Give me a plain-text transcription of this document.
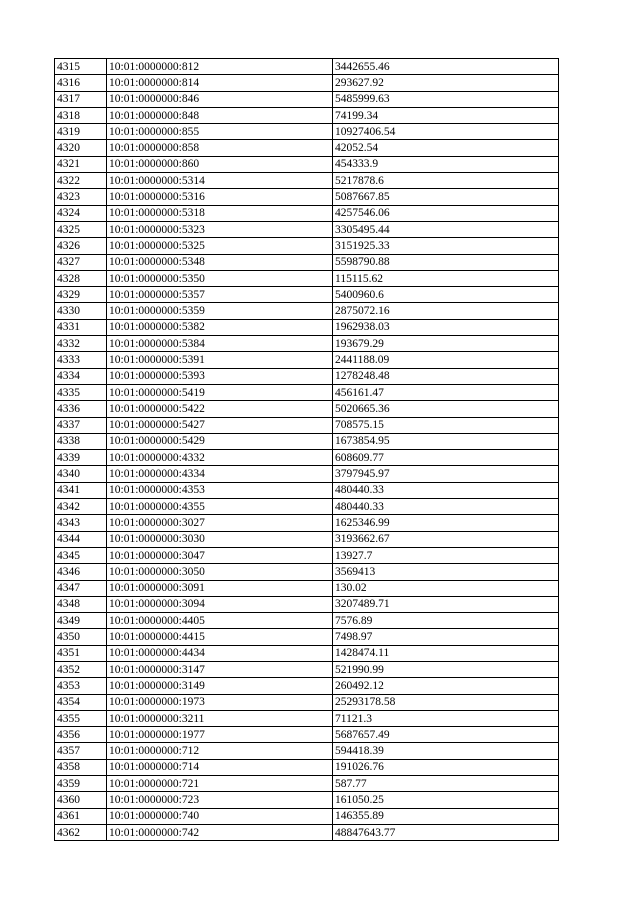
4315	10:01:0000000:812	3442655.46
4316	10:01:0000000:814	293627.92
4317	10:01:0000000:846	5485999.63
4318	10:01:0000000:848	74199.34
4319	10:01:0000000:855	10927406.54
4320	10:01:0000000:858	42052.54
4321	10:01:0000000:860	454333.9
4322	10:01:0000000:5314	5217878.6
4323	10:01:0000000:5316	5087667.85
4324	10:01:0000000:5318	4257546.06
4325	10:01:0000000:5323	3305495.44
4326	10:01:0000000:5325	3151925.33
4327	10:01:0000000:5348	5598790.88
4328	10:01:0000000:5350	115115.62
4329	10:01:0000000:5357	5400960.6
4330	10:01:0000000:5359	2875072.16
4331	10:01:0000000:5382	1962938.03
4332	10:01:0000000:5384	193679.29
4333	10:01:0000000:5391	2441188.09
4334	10:01:0000000:5393	1278248.48
4335	10:01:0000000:5419	456161.47
4336	10:01:0000000:5422	5020665.36
4337	10:01:0000000:5427	708575.15
4338	10:01:0000000:5429	1673854.95
4339	10:01:0000000:4332	608609.77
4340	10:01:0000000:4334	3797945.97
4341	10:01:0000000:4353	480440.33
4342	10:01:0000000:4355	480440.33
4343	10:01:0000000:3027	1625346.99
4344	10:01:0000000:3030	3193662.67
4345	10:01:0000000:3047	13927.7
4346	10:01:0000000:3050	3569413
4347	10:01:0000000:3091	130.02
4348	10:01:0000000:3094	3207489.71
4349	10:01:0000000:4405	7576.89
4350	10:01:0000000:4415	7498.97
4351	10:01:0000000:4434	1428474.11
4352	10:01:0000000:3147	521990.99
4353	10:01:0000000:3149	260492.12
4354	10:01:0000000:1973	25293178.58
4355	10:01:0000000:3211	71121.3
4356	10:01:0000000:1977	5687657.49
4357	10:01:0000000:712	594418.39
4358	10:01:0000000:714	191026.76
4359	10:01:0000000:721	587.77
4360	10:01:0000000:723	161050.25
4361	10:01:0000000:740	146355.89
4362	10:01:0000000:742	48847643.77
